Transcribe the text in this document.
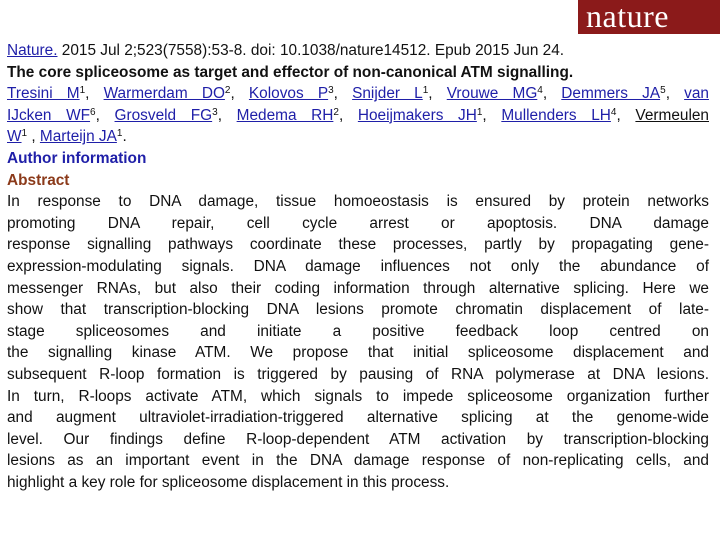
nature
Nature. 2015 Jul 2;523(7558):53-8. doi: 10.1038/nature14512. Epub 2015 Jun 24.
The core spliceosome as target and effector of non-canonical ATM signalling.
Tresini $M^1$, Warmerdam $DO^2$, Kolovos $P^3$, Snijder $L^1$, Vrouwe $MG^4$, Demmers $JA^5$, van
IJcken $WF^6$, Grosveld $FG^3$, Medema $RH^2$, Hoeijmakers $JH^1$, Mullenders $LH^4$, Vermeulen
$W^1$ , Marteijn $JA^1$.
Author information
Abstract
In response to DNA damage, tissue homoeostasis is ensured by protein networks
promoting DNA repair, cell cycle arrest or apoptosis. DNA damage
response signalling pathways coordinate these processes, partly by propagating gene-
expression-modulating signals. DNA damage influences not only the abundance of
messenger RNAs, but also their coding information through alternative splicing. Here we
show that transcription-blocking DNA lesions promote chromatin displacement of late-
stage spliceosomes and initiate a positive feedback loop centred on
the signalling kinase ATM. We propose that initial spliceosome displacement and
subsequent R-loop formation is triggered by pausing of RNA polymerase at DNA lesions.
In turn, R-loops activate ATM, which signals to impede spliceosome organization further
and augment ultraviolet-irradiation-triggered alternative splicing at the genome-wide
level. Our findings define R-loop-dependent ATM activation by transcription-blocking
lesions as an important event in the DNA damage response of non-replicating cells, and
highlight a key role for spliceosome displacement in this process.
